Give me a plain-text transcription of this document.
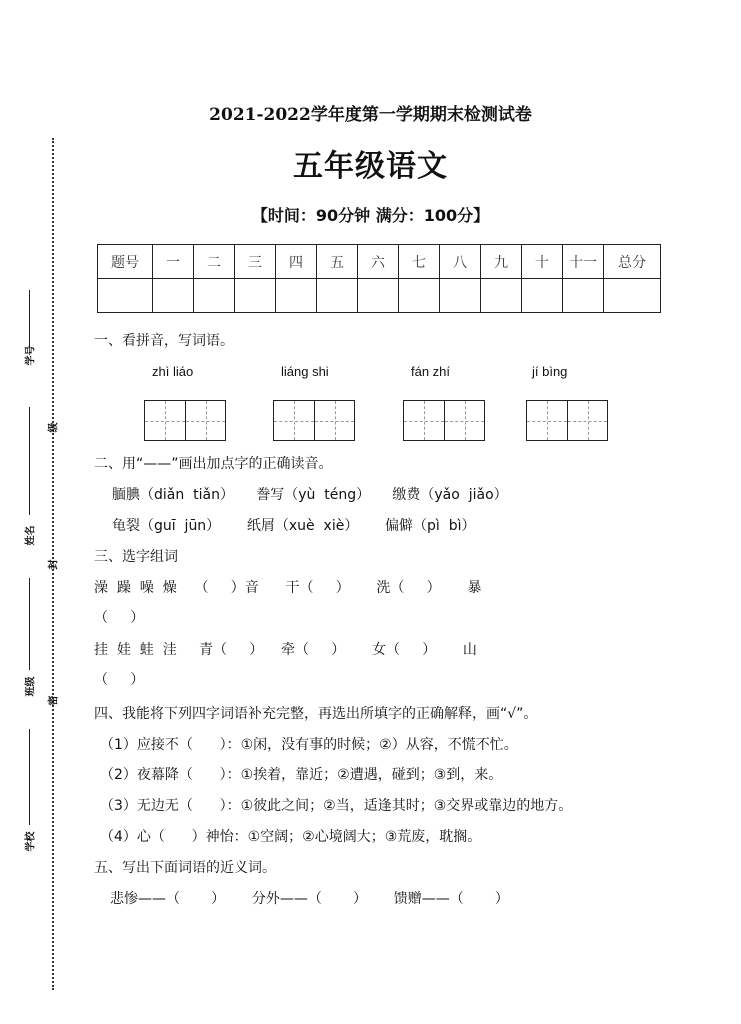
学号
级
姓名
封
班级
密
学校
2021-2022学年度第一学期期末检测试卷
五年级语文
【时间：90分钟 满分：100分】
题号	一	二	三	四	五	六	七	八	九	十	十一	总分

一、看拼音，写词语。
zhì liáo	liáng shi	fán zhí	jí bìng
二、用“——”画出加点字的正确读音。
腼腆（diǎn  tiǎn）     誊写（yù  téng）     缴费（yǎo  jiǎo）
龟裂（guī  jūn）      纸屑（xuè  xiè）      偏僻（pì  bì）
三、选字组词
澡  躁  噪  燥    （     ）音      干（     ）      洗（     ）      暴
（     ）
挂  娃  蛙  洼     青（     ）    牵（     ）      女（     ）      山
（     ）
四、我能将下列四字词语补充完整，再选出所填字的正确解释，画“√”。
（1）应接不（      ）：①闲，没有事的时候；②）从容，不慌不忙。
（2）夜幕降（      ）：①挨着，靠近；②遭遇，碰到；③到，来。
（3）无边无（      ）：①彼此之间；②当，适逢其时；③交界或靠边的地方。
（4）心（      ）神怡：①空阔；②心境阔大；③荒废，耽搁。
五、写出下面词语的近义词。
悲惨——（       ）      分外——（       ）      馈赠——（       ）
